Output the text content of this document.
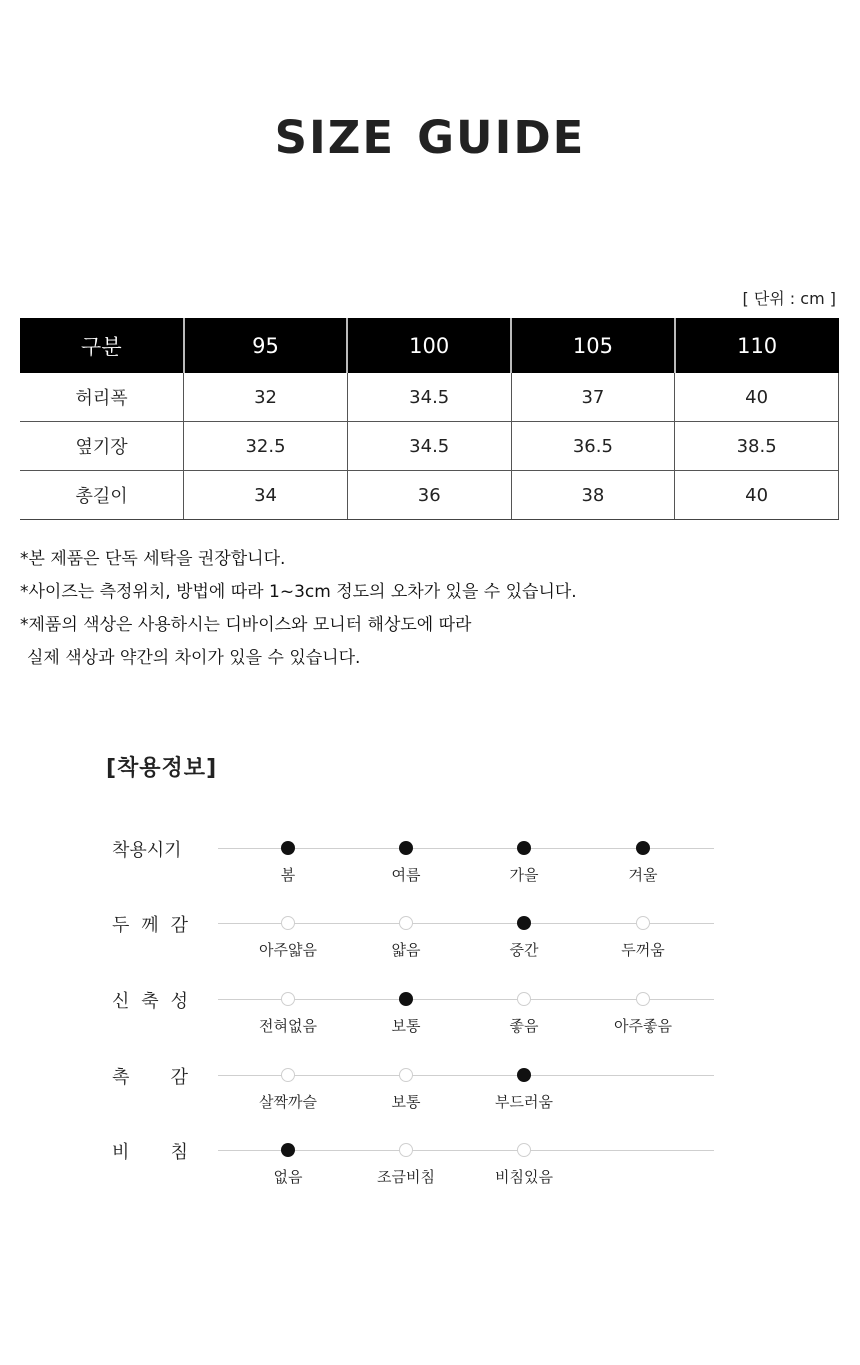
SIZE GUIDE
[ 단위 : cm ]
구분	95	100	105	110
허리폭	32	34.5	37	40
옆기장	32.5	34.5	36.5	38.5
총길이	34	36	38	40

*본 제품은 단독 세탁을 권장합니다.

*사이즈는 측정위치, 방법에 따라 1~3cm 정도의 오차가 있을 수 있습니다.

*제품의 색상은 사용하시는 디바이스와 모니터 해상도에 따라

실제 색상과 약간의 차이가 있을 수 있습니다.

[착용정보]
착용시기
봄	여름	가을	겨울
두 께 감
아주얇음	얇음	중간	두꺼움
신 축 성
전혀없음	보통	좋음	아주좋음
촉 감
살짝까슬	보통	부드러움
비 침
없음	조금비침	비침있음
